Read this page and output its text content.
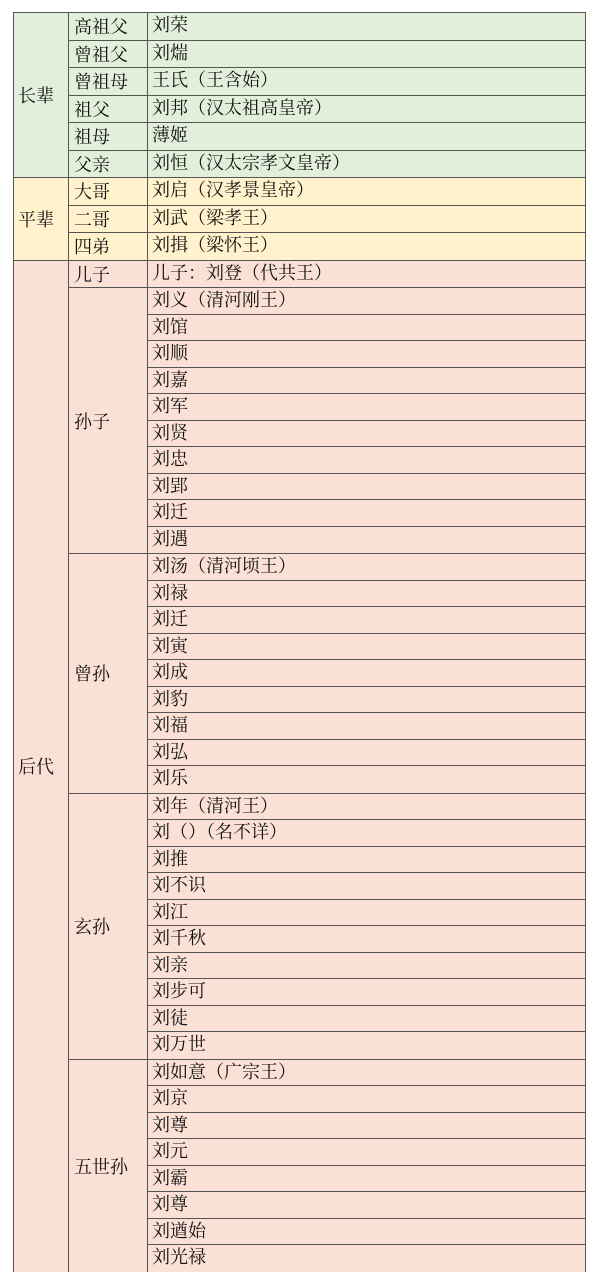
长辈
高祖父	刘荣
曾祖父	刘煓
曾祖母	王氏（王含始）
祖父	刘邦（汉太祖高皇帝）
祖母	薄姬
父亲	刘恒（汉太宗孝文皇帝）
平辈
大哥	刘启（汉孝景皇帝）
二哥	刘武（梁孝王）
四弟	刘揖（梁怀王）
后代
儿子	儿子：刘登（代共王）
孙子
刘义（清河刚王）
刘馆
刘顺
刘嘉
刘军
刘贤
刘忠
刘郢
刘迁
刘遇
曾孙
刘汤（清河顷王）
刘禄
刘迁
刘寅
刘成
刘豹
刘福
刘弘
刘乐
玄孙
刘年（清河王）
刘（）（名不详）
刘推
刘不识
刘江
刘千秋
刘亲
刘步可
刘徒
刘万世
五世孙
刘如意（广宗王）
刘京
刘尊
刘元
刘霸
刘尊
刘遒始
刘光禄
